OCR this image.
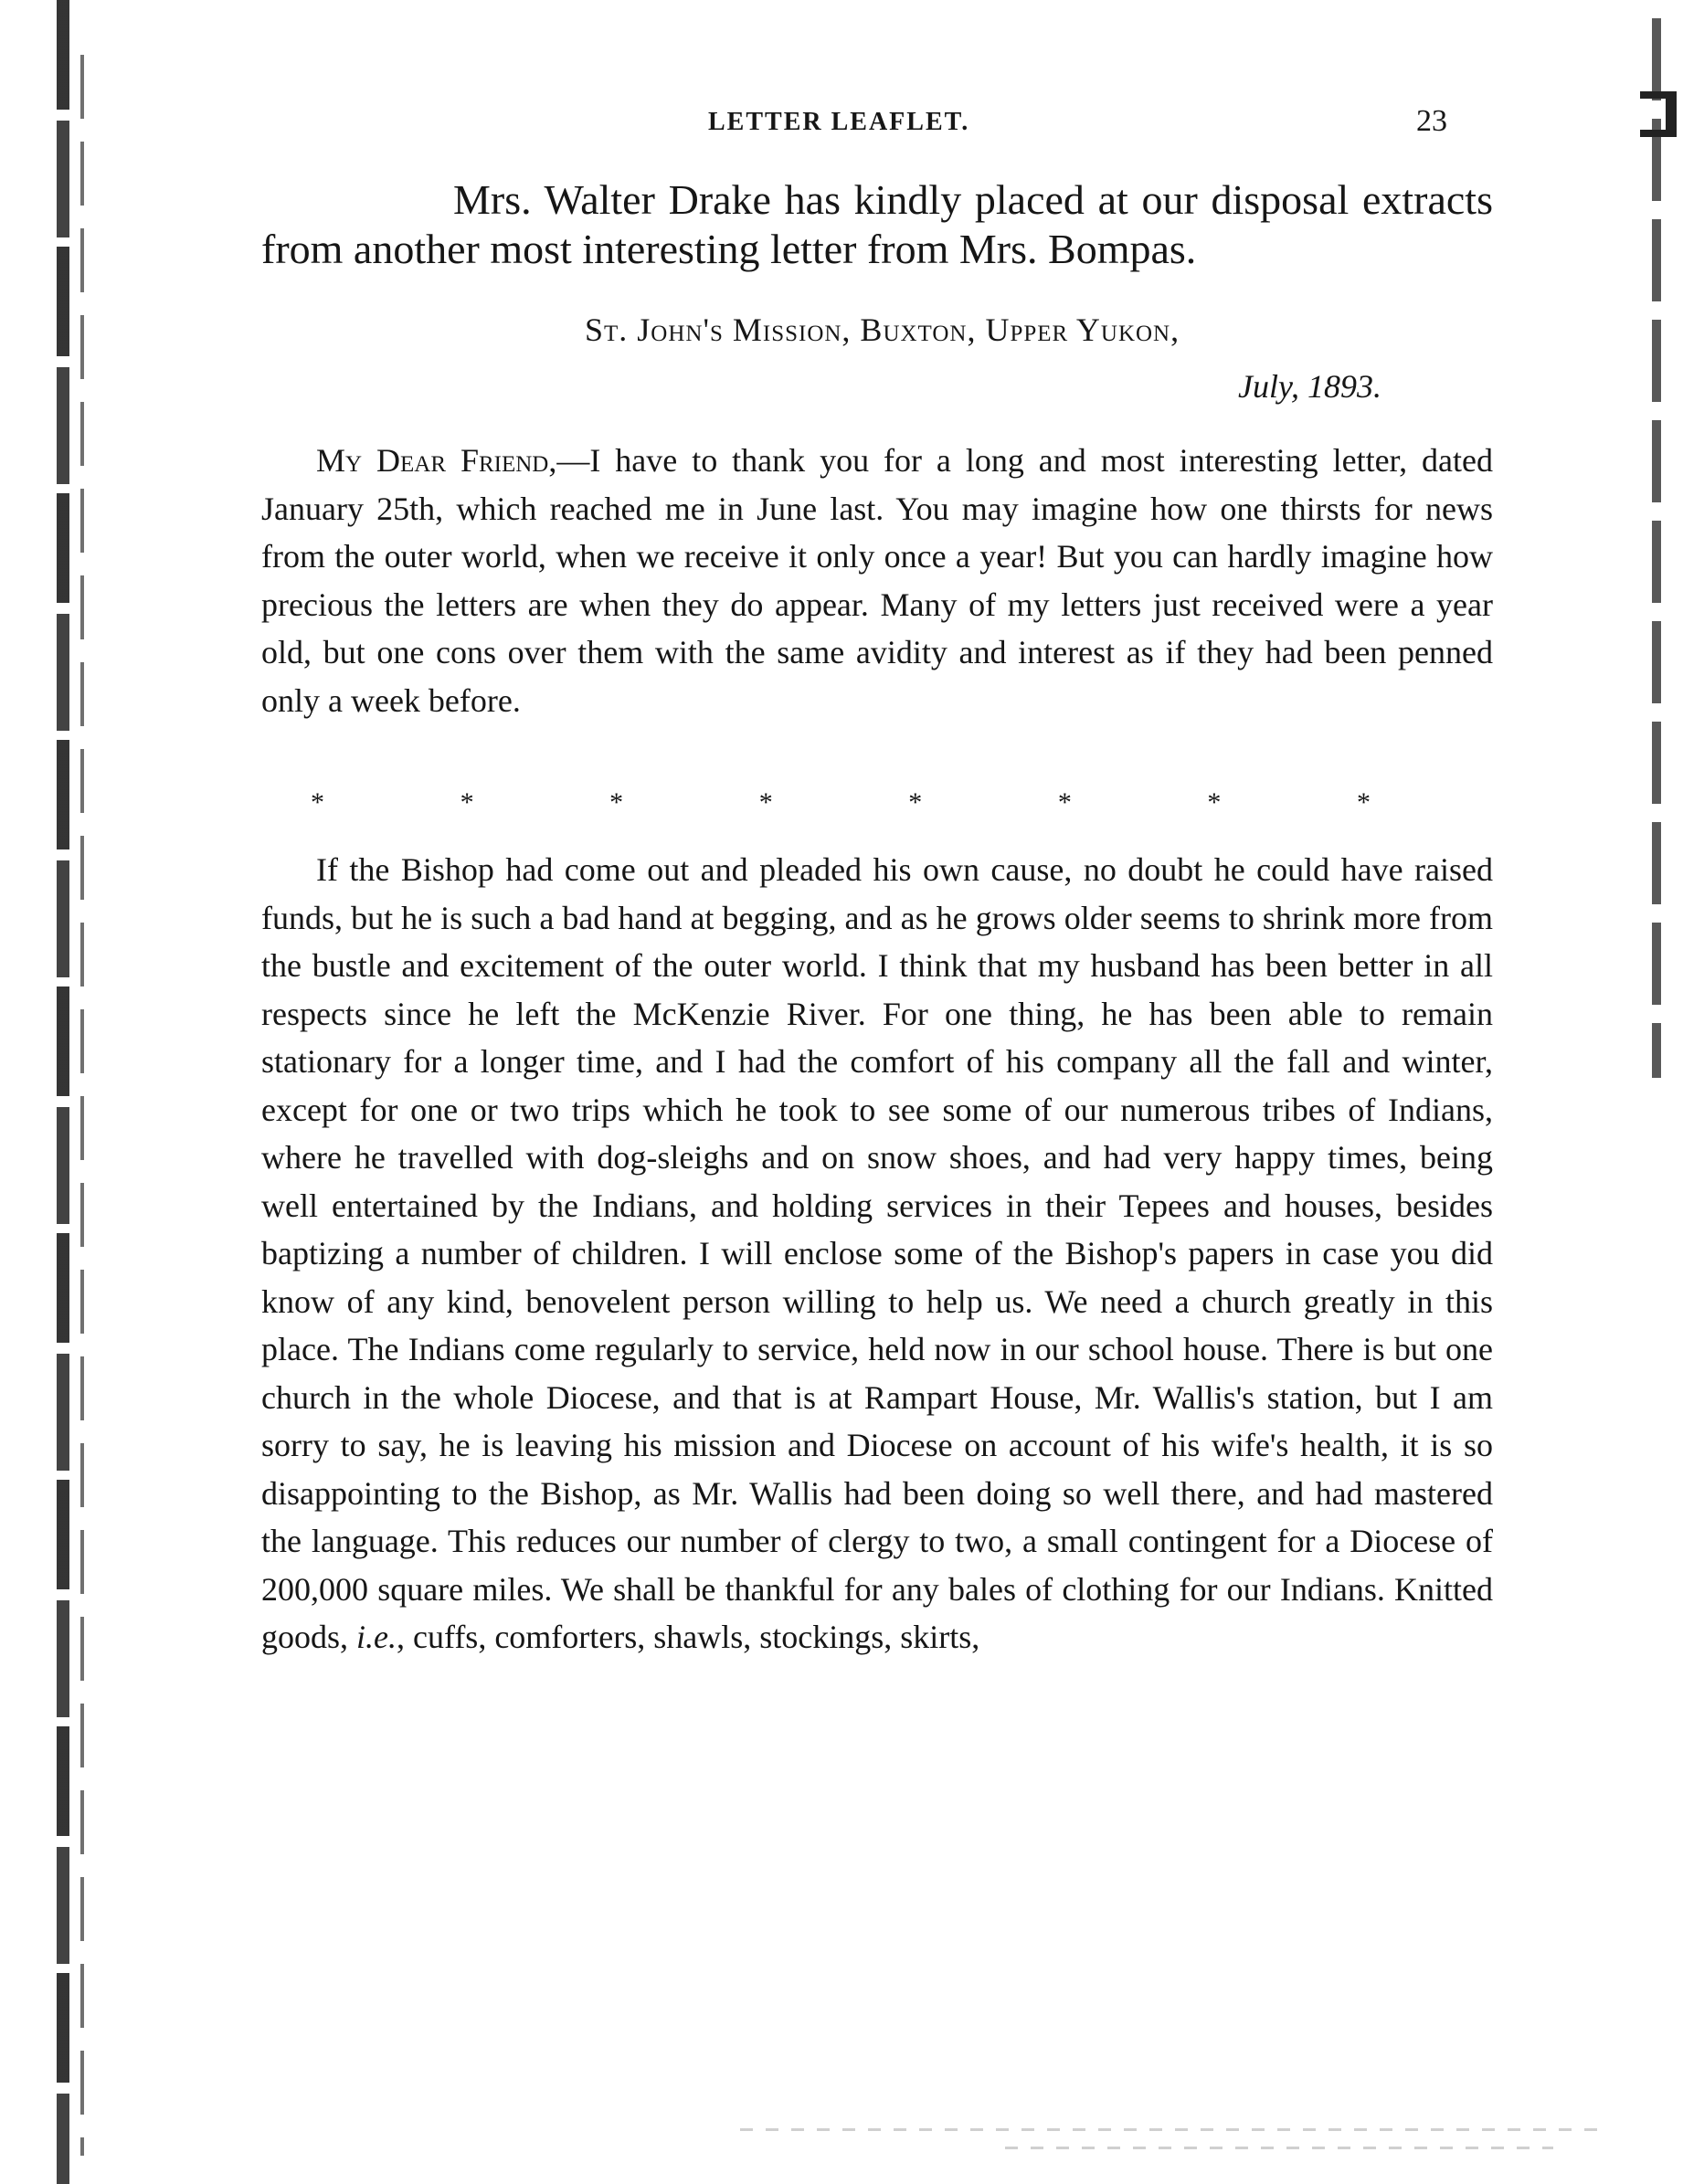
LETTER LEAFLET.	23

Mrs. Walter Drake has kindly placed at our disposal extracts from another most interesting letter from Mrs. Bompas.

St. John's Mission, Buxton, Upper Yukon,
July, 1893.

My Dear Friend,—I have to thank you for a long and most interesting letter, dated January 25th, which reached me in June last. You may imagine how one thirsts for news from the outer world, when we receive it only once a year! But you can hardly imagine how precious the letters are when they do appear. Many of my letters just received were a year old, but one cons over them with the same avidity and interest as if they had been penned only a week before.

*	*	*	*	*	*	*	*

If the Bishop had come out and pleaded his own cause, no doubt he could have raised funds, but he is such a bad hand at begging, and as he grows older seems to shrink more from the bustle and excitement of the outer world. I think that my husband has been better in all respects since he left the McKenzie River. For one thing, he has been able to remain stationary for a longer time, and I had the comfort of his company all the fall and winter, except for one or two trips which he took to see some of our numerous tribes of Indians, where he travelled with dog-sleighs and on snow shoes, and had very happy times, being well entertained by the Indians, and holding services in their Tepees and houses, besides baptizing a number of children. I will enclose some of the Bishop's papers in case you did know of any kind, benovelent person willing to help us. We need a church greatly in this place. The Indians come regularly to service, held now in our school house. There is but one church in the whole Diocese, and that is at Rampart House, Mr. Wallis's station, but I am sorry to say, he is leaving his mission and Diocese on account of his wife's health, it is so disappointing to the Bishop, as Mr. Wallis had been doing so well there, and had mastered the language. This reduces our number of clergy to two, a small contingent for a Diocese of 200,000 square miles. We shall be thankful for any bales of clothing for our Indians. Knitted goods, i.e., cuffs, comforters, shawls, stockings, skirts,
